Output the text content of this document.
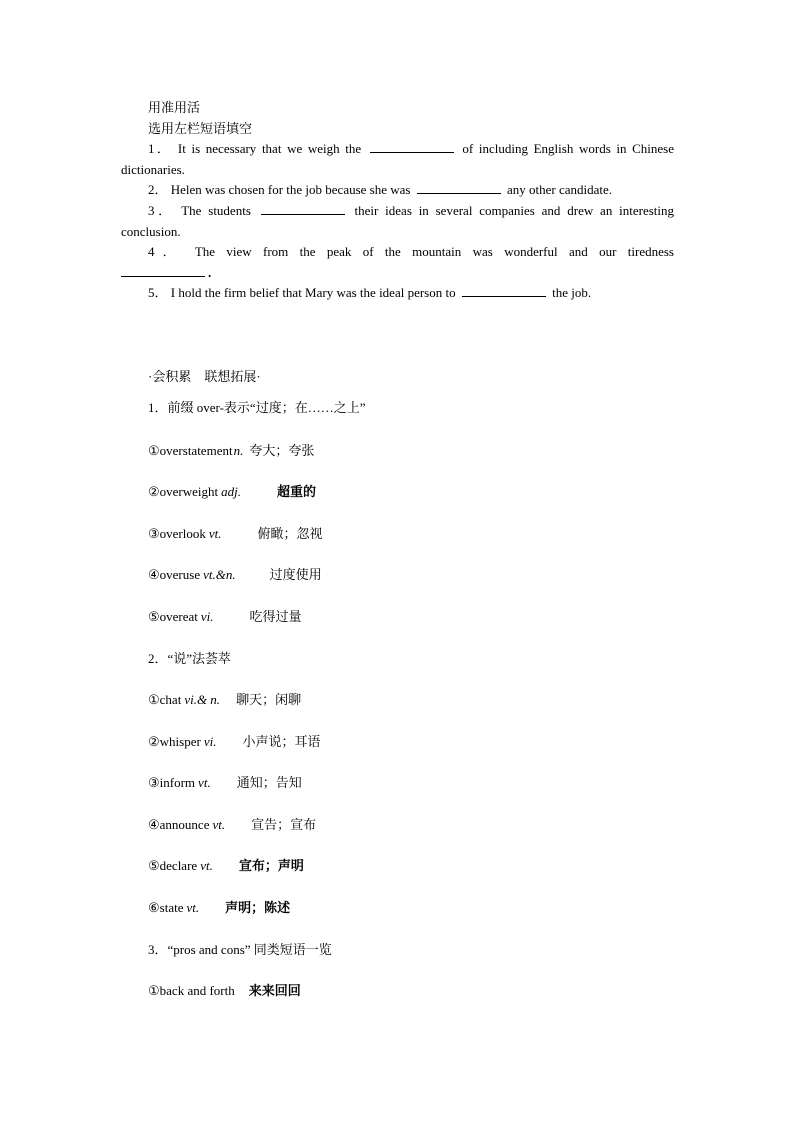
用准用活
选用左栏短语填空
1． It is necessary that we weigh the	of including English words in Chinese dictionaries.
2． Helen was chosen for the job because she was	any other candidate.
3． The students	their ideas in several companies and drew an interesting conclusion.
4． The view from the peak of the mountain was wonderful and our tiredness
.
5． I hold the firm belief that Mary was the ideal person to	the job.
·会积累　联想拓展·
1．前缀 over-表示“过度；在……之上”
①overstatementn. 夸大；夸张
②overweight adj.	超重的
③overlook vt.	俯瞰；忽视
④overuse vt.&n.	过度使用
⑤overeat vi.	吃得过量
2．“说”法荟萃
①chat vi.& n. 聊天；闲聊
②whisper vi. 小声说；耳语
③inform vt. 通知；告知
④announce vt. 宣告；宣布
⑤declare vt. 宣布；声明
⑥state vt. 声明；陈述
3．“pros and cons” 同类短语一览
①back and forth 来来回回
